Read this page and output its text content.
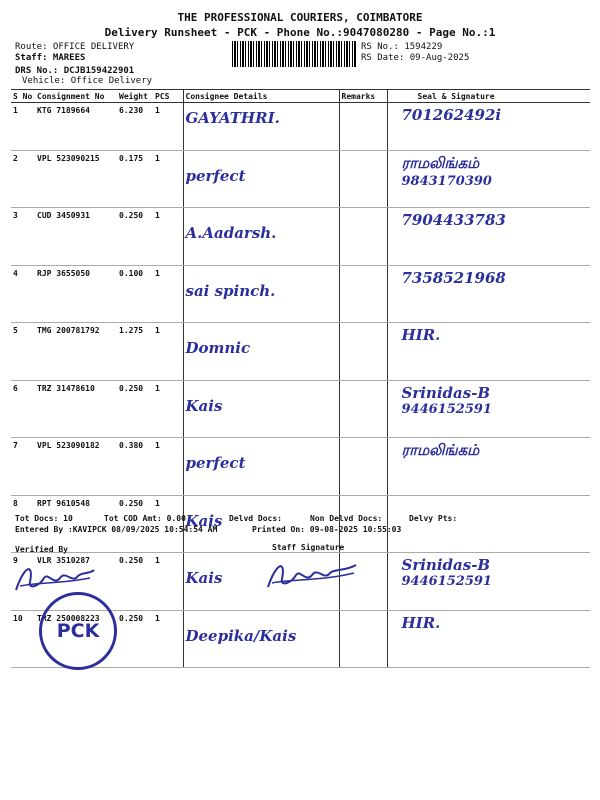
THE PROFESSIONAL COURIERS, COIMBATORE
Delivery Runsheet - PCK - Phone No.:9047080280 - Page No.:1
Route: OFFICE DELIVERY
Staff: MAREES
DRS No.: DCJB159422901
Vehicle: Office Delivery
RS No.: 1594229
RS Date: 09-Aug-2025
S No	Consignment No	Weight	PCS	Consignee Details	Remarks	Seal & Signature
1	KTG 7189664	6.230	1	GAYATHRI.		701262492i

2	VPL 523090215	0.175	1	perfect		ராமலிங்கம்
9843170390

3	CUD 3450931	0.250	1	A.Aadarsh.		7904433783

4	RJP 3655050	0.100	1	sai spinch.		7358521968

5	TMG 200781792	1.275	1	Domnic		HIR.

6	TRZ 31478610	0.250	1	Kais		Srinidas-B
9446152591

7	VPL 523090182	0.380	1	perfect		ராமலிங்கம்

8	RPT 9610548	0.250	1	Kais		

9	VLR 3510287	0.250	1	Kais		Srinidas-B
9446152591

10	TRZ 250008223	0.250	1	Deepika/Kais		HIR.
Tot Docs: 10	Tot COD Amt: 0.00	Delvd Docs:	Non Delvd Docs:	Delvy Pts:
Entered By :KAVIPCK 08/09/2025 10:54:54 AM	Printed On: 09-08-2025 10:55:03
Verified By	Staff Signature
PCK
